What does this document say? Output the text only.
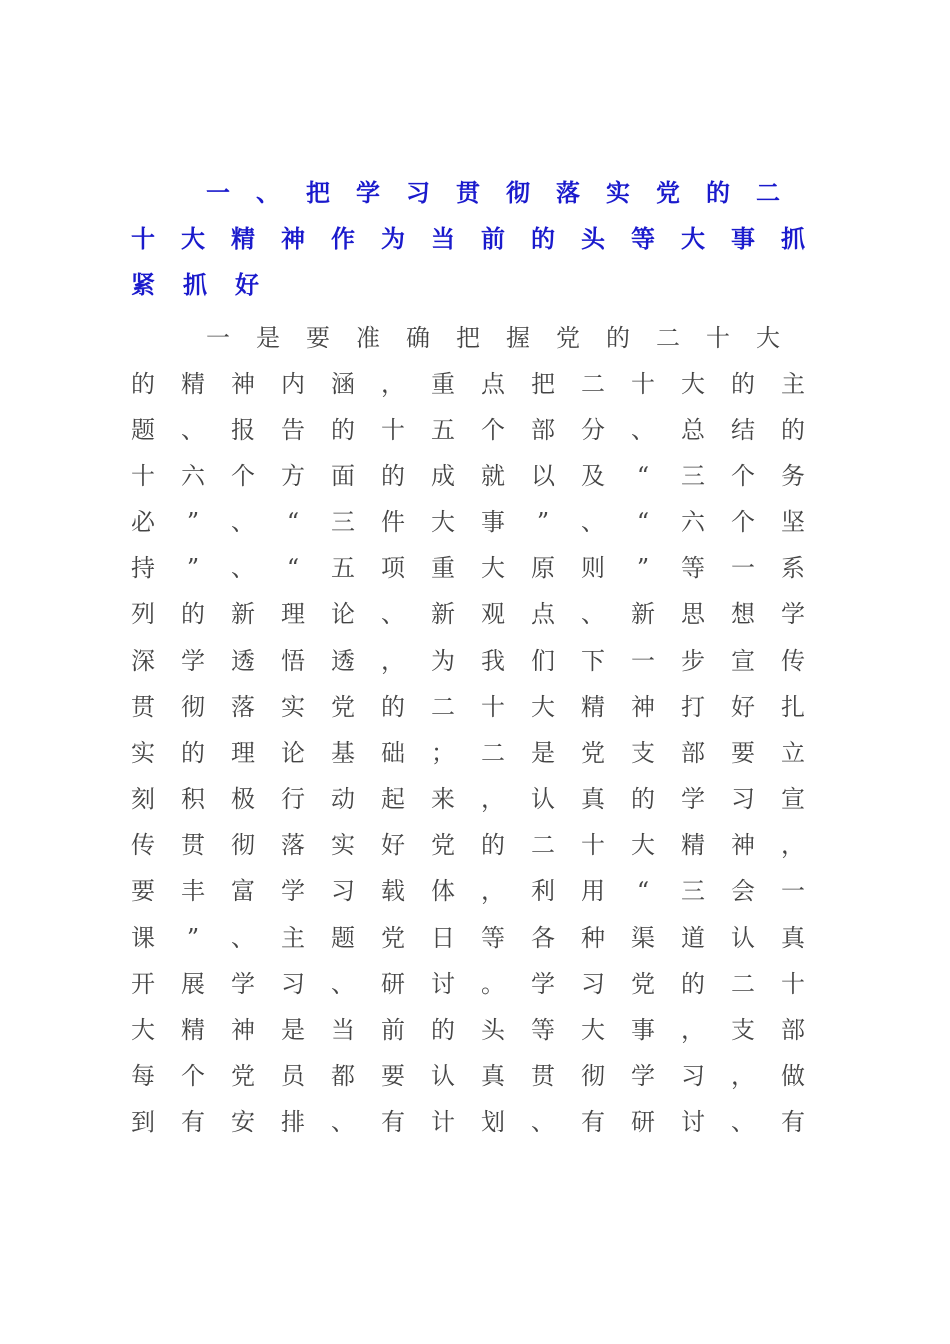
一 、 把 学 习 贯 彻 落 实 党 的 二
十 大 精 神 作 为 当 前 的 头 等 大 事 抓
紧 抓 好
一 是 要 准 确 把 握 党 的 二 十 大
的 精 神 内 涵 ， 重 点 把 二 十 大 的 主
题 、 报 告 的 十 五 个 部 分 、 总 结 的
十 六 个 方 面 的 成 就 以 及 “ 三 个 务
必 ” 、 “ 三 件 大 事 ” 、 “ 六 个 坚
持 ” 、 “ 五 项 重 大 原 则 ” 等 一 系
列 的 新 理 论 、 新 观 点 、 新 思 想 学
深 学 透 悟 透 ， 为 我 们 下 一 步 宣 传
贯 彻 落 实 党 的 二 十 大 精 神 打 好 扎
实 的 理 论 基 础 ； 二 是 党 支 部 要 立
刻 积 极 行 动 起 来 ， 认 真 的 学 习 宣
传 贯 彻 落 实 好 党 的 二 十 大 精 神 ，
要 丰 富 学 习 载 体 ， 利 用 “ 三 会 一
课 ” 、 主 题 党 日 等 各 种 渠 道 认 真
开 展 学 习 、 研 讨 。 学 习 党 的 二 十
大 精 神 是 当 前 的 头 等 大 事 ， 支 部
每 个 党 员 都 要 认 真 贯 彻 学 习 ， 做
到 有 安 排 、 有 计 划 、 有 研 讨 、 有
